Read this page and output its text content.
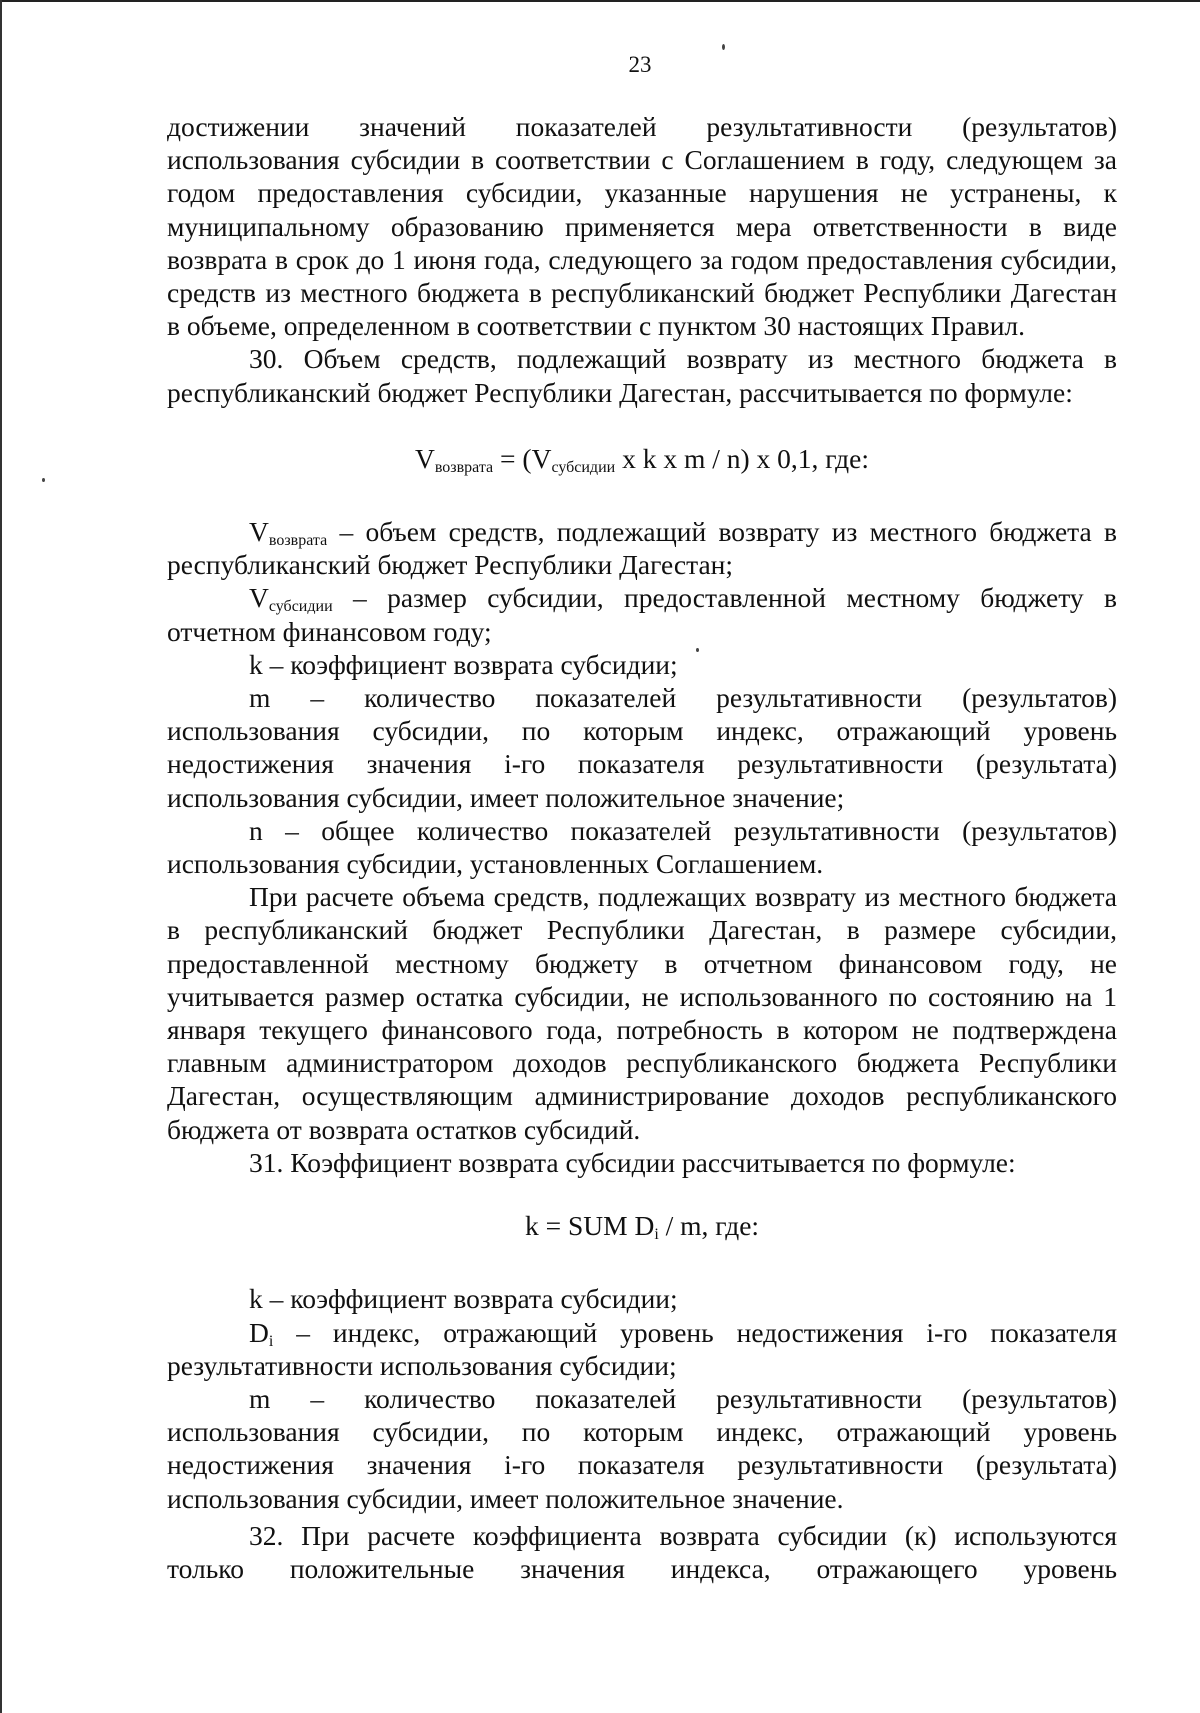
23

достижении значений показателей результативности (результатов) использования субсидии в соответствии с Соглашением в году, следующем за годом предоставления субсидии, указанные нарушения не устранены, к муниципальному образованию применяется мера ответственности в виде возврата в срок до 1 июня года, следующего за годом предоставления субсидии, средств из местного бюджета в республиканский бюджет Республики Дагестан в объеме, определенном в соответствии с пунктом 30 настоящих Правил.

30. Объем средств, подлежащий возврату из местного бюджета в республиканский бюджет Республики Дагестан, рассчитывается по формуле:

$V_{возврата} = (V_{субсидии}$ x k x m / n) x 0,1, где:

$V_{возврата}$ – объем средств, подлежащий возврату из местного бюджета в республиканский бюджет Республики Дагестан;

$V_{субсидии}$ – размер субсидии, предоставленной местному бюджету в отчетном финансовом году;

k – коэффициент возврата субсидии;

m – количество показателей результативности (результатов) использования субсидии, по которым индекс, отражающий уровень недостижения значения i-го показателя результативности (результата) использования субсидии, имеет положительное значение;

n – общее количество показателей результативности (результатов) использования субсидии, установленных Соглашением.

При расчете объема средств, подлежащих возврату из местного бюджета в республиканский бюджет Республики Дагестан, в размере субсидии, предоставленной местному бюджету в отчетном финансовом году, не учитывается размер остатка субсидии, не использованного по состоянию на 1 января текущего финансового года, потребность в котором не подтверждена главным администратором доходов республиканского бюджета Республики Дагестан, осуществляющим администрирование доходов республиканского бюджета от возврата остатков субсидий.

31. Коэффициент возврата субсидии рассчитывается по формуле:

k = SUM $D_i$ / m, где:

k – коэффициент возврата субсидии;

$D_i$ – индекс, отражающий уровень недостижения i-го показателя результативности использования субсидии;

m – количество показателей результативности (результатов) использования субсидии, по которым индекс, отражающий уровень недостижения значения i-го показателя результативности (результата) использования субсидии, имеет положительное значение.

32. При расчете коэффициента возврата субсидии (к) используются только положительные значения индекса, отражающего уровень
